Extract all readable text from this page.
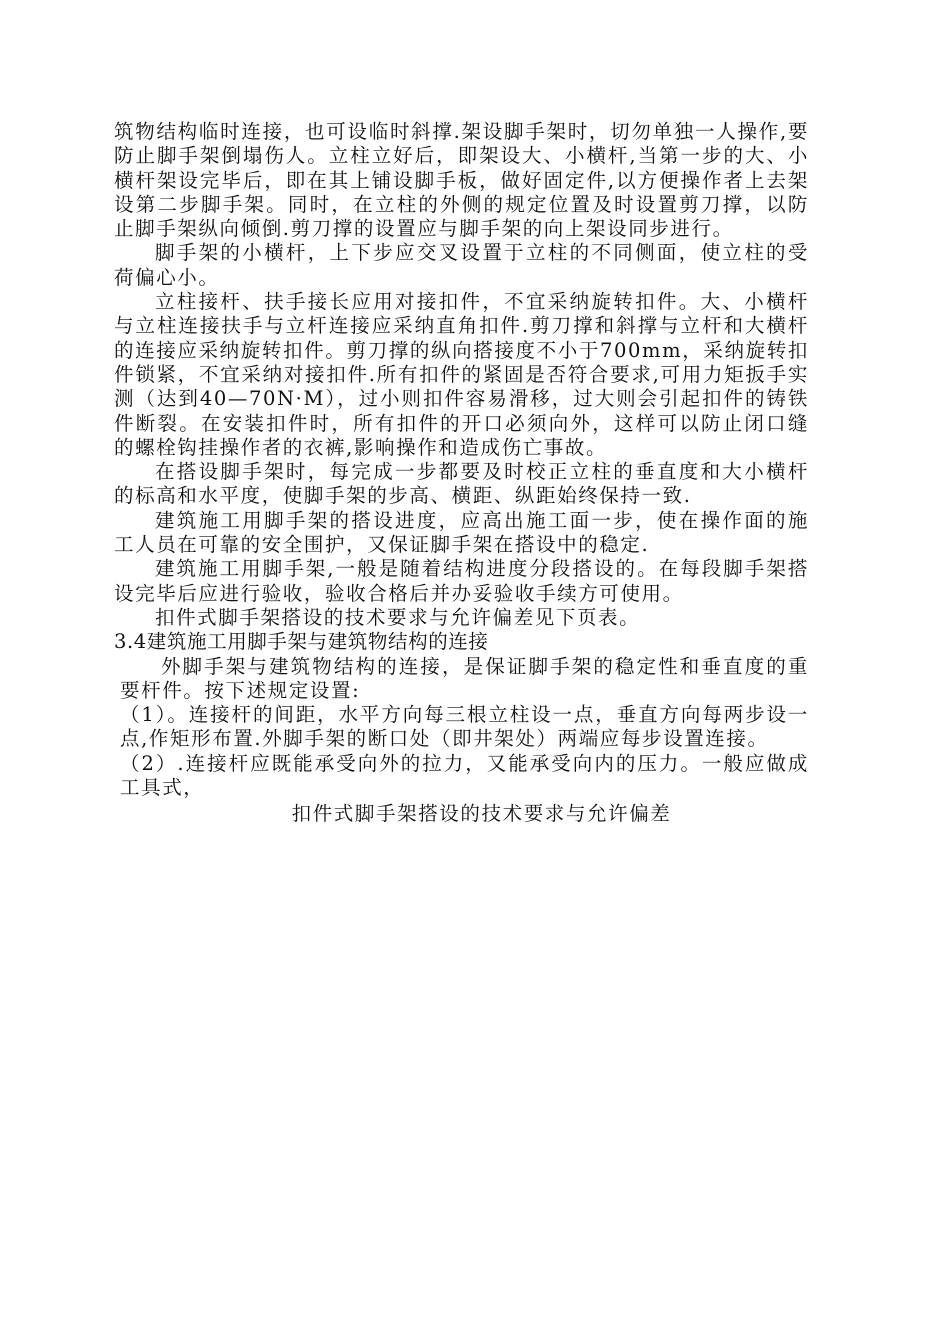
筑物结构临时连接，也可设临时斜撑.架设脚手架时，切勿单独一人操作,要防止脚手架倒塌伤人。立柱立好后，即架设大、小横杆,当第一步的大、小横杆架设完毕后，即在其上铺设脚手板，做好固定件,以方便操作者上去架设第二步脚手架。同时，在立柱的外侧的规定位置及时设置剪刀撑，以防止脚手架纵向倾倒.剪刀撑的设置应与脚手架的向上架设同步进行。

脚手架的小横杆，上下步应交叉设置于立柱的不同侧面，使立柱的受荷偏心小。

立柱接杆、扶手接长应用对接扣件，不宜采纳旋转扣件。大、小横杆与立柱连接扶手与立杆连接应采纳直角扣件.剪刀撑和斜撑与立杆和大横杆的连接应采纳旋转扣件。剪刀撑的纵向搭接度不小于700mm，采纳旋转扣件锁紧，不宜采纳对接扣件.所有扣件的紧固是否符合要求,可用力矩扳手实测（达到40—70N·M），过小则扣件容易滑移，过大则会引起扣件的铸铁件断裂。在安装扣件时，所有扣件的开口必须向外，这样可以防止闭口缝的螺栓钩挂操作者的衣裤,影响操作和造成伤亡事故。

在搭设脚手架时，每完成一步都要及时校正立柱的垂直度和大小横杆的标高和水平度，使脚手架的步高、横距、纵距始终保持一致.

建筑施工用脚手架的搭设进度，应高出施工面一步，使在操作面的施工人员在可靠的安全围护，又保证脚手架在搭设中的稳定.

建筑施工用脚手架,一般是随着结构进度分段搭设的。在每段脚手架搭设完毕后应进行验收，验收合格后并办妥验收手续方可使用。

扣件式脚手架搭设的技术要求与允许偏差见下页表。

3.4建筑施工用脚手架与建筑物结构的连接

外脚手架与建筑物结构的连接，是保证脚手架的稳定性和垂直度的重要杆件。按下述规定设置:

（1）。连接杆的间距，水平方向每三根立柱设一点，垂直方向每两步设一点,作矩形布置.外脚手架的断口处（即井架处）两端应每步设置连接。

（2）.连接杆应既能承受向外的拉力，又能承受向内的压力。一般应做成工具式，

扣件式脚手架搭设的技术要求与允许偏差
